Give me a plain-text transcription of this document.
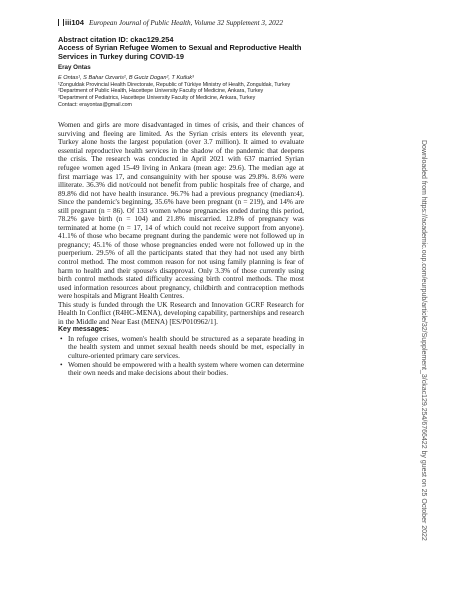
iii104 European Journal of Public Health, Volume 32 Supplement 3, 2022
Abstract citation ID: ckac129.254
Access of Syrian Refugee Women to Sexual and Reproductive Health Services in Turkey during COVID-19
Eray Ontas
E Ontas¹, S Bahar Ozvaris², B Guciz Dogan², T Kutluk³
¹Zonguldak Provincial Health Directorate, Republic of Türkiye Ministry of Health, Zonguldak, Turkey
²Department of Public Health, Hacettepe University Faculty of Medicine, Ankara, Turkey
³Department of Pediatrics, Hacettepe University Faculty of Medicine, Ankara, Turkey
Contact: erayontas@gmail.com

Women and girls are more disadvantaged in times of crisis, and their chances of surviving and fleeing are limited. As the Syrian crisis enters its eleventh year, Turkey alone hosts the largest population (over 3.7 million). It aimed to evaluate essential reproductive health services in the shadow of the pandemic that deepens the crisis. The research was conducted in April 2021 with 637 married Syrian refugee women aged 15-49 living in Ankara (mean age: 29.6). The median age at first marriage was 17, and consanguinity with her spouse was 29.8%. 8.6% were illiterate. 36.3% did not/could not benefit from public hospitals free of charge, and 89.8% did not have health insurance. 96.7% had a previous pregnancy (median:4). Since the pandemic's beginning, 35.6% have been pregnant (n = 219), and 14% are still pregnant (n = 86). Of 133 women whose pregnancies ended during this period, 78.2% gave birth (n = 104) and 21.8% miscarried. 12.8% of pregnancy was terminated at home (n = 17, 14 of which could not receive support from anyone). 41.1% of those who became pregnant during the pandemic were not followed up in pregnancy; 45.1% of those whose pregnancies ended were not followed up in the puerperium. 29.5% of all the participants stated that they had not used any birth control method. The most common reason for not using family planning is fear of harm to health and their spouse's disapproval. Only 3.3% of those currently using birth control methods stated difficulty accessing birth control methods. The most used information resources about pregnancy, childbirth and contraception methods were hospitals and Migrant Health Centres.

This study is funded through the UK Research and Innovation GCRF Research for Health In Conflict (R4HC-MENA), developing capability, partnerships and research in the Middle and Near East (MENA) [ES/P010962/1].

Key messages:
• In refugee crises, women's health should be structured as a separate heading in the health system and unmet sexual health needs should be met, especially in culture-oriented primary care services.
• Women should be empowered with a health system where women can determine their own needs and make decisions about their bodies.	Downloaded from https://academic.oup.com/eurpub/article/32/Supplement_3/ckac129.254/6766422 by guest on 25 October 2022
